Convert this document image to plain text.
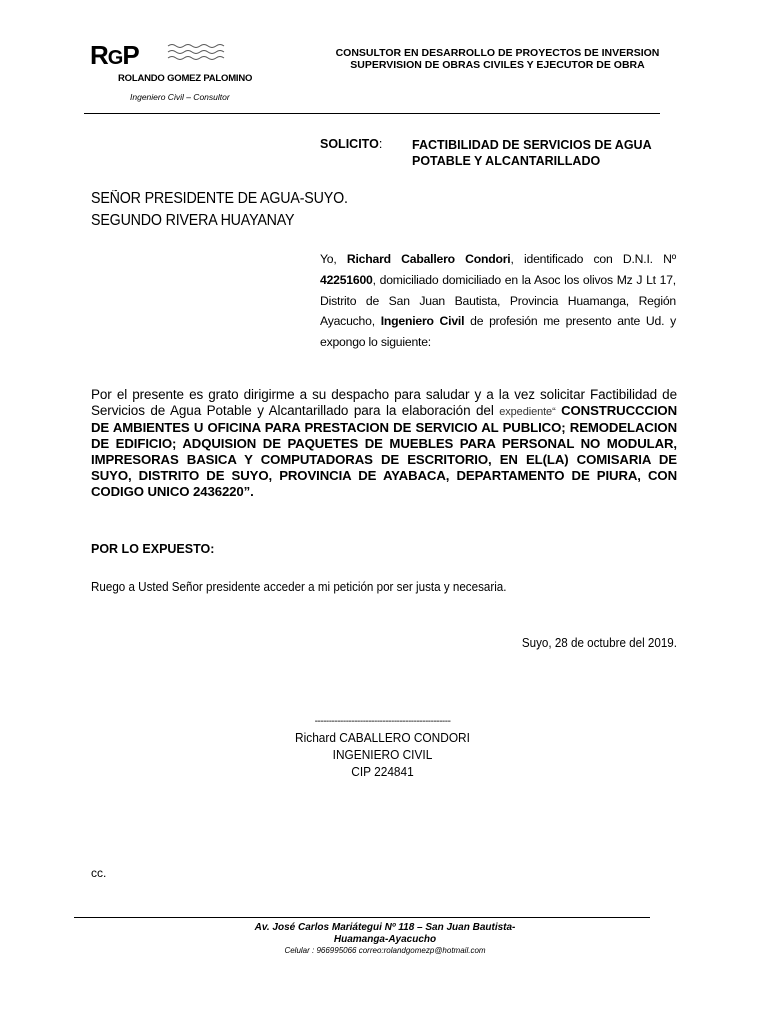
RGP
ROLANDO GOMEZ PALOMINO
Ingeniero Civil – Consultor
CONSULTOR EN DESARROLLO DE PROYECTOS DE INVERSION
SUPERVISION DE OBRAS CIVILES Y EJECUTOR DE OBRA
SOLICITO: FACTIBILIDAD DE SERVICIOS DE AGUA POTABLE Y ALCANTARILLADO
SEÑOR PRESIDENTE DE AGUA-SUYO.
SEGUNDO RIVERA HUAYANAY
Yo, Richard Caballero Condori, identificado con D.N.I. Nº 42251600, domiciliado domiciliado en la Asoc los olivos Mz J Lt 17, Distrito de San Juan Bautista, Provincia Huamanga, Región Ayacucho, Ingeniero Civil de profesión me presento ante Ud. y expongo lo siguiente:
Por el presente es grato dirigirme a su despacho para saludar y a la vez solicitar Factibilidad de Servicios de Agua Potable y Alcantarillado para la elaboración del expediente“ CONSTRUCCCION DE AMBIENTES U OFICINA PARA PRESTACION DE SERVICIO AL PUBLICO; REMODELACION DE EDIFICIO; ADQUISION DE PAQUETES DE MUEBLES PARA PERSONAL NO MODULAR, IMPRESORAS BASICA Y COMPUTADORAS DE ESCRITORIO, EN EL(LA) COMISARIA DE SUYO, DISTRITO DE SUYO, PROVINCIA DE AYABACA, DEPARTAMENTO DE PIURA, CON CODIGO UNICO 2436220”.
POR LO EXPUESTO:
Ruego a Usted Señor presidente acceder a mi petición por ser justa y necesaria.
Suyo, 28 de octubre del 2019.
------------------------------------------------
Richard CABALLERO CONDORI
INGENIERO CIVIL
CIP 224841
cc.
Av. José Carlos Mariátegui Nº 118 – San Juan Bautista-
Huamanga-Ayacucho
Celular : 966995066 correo:rolandgomezp@hotmail.com
